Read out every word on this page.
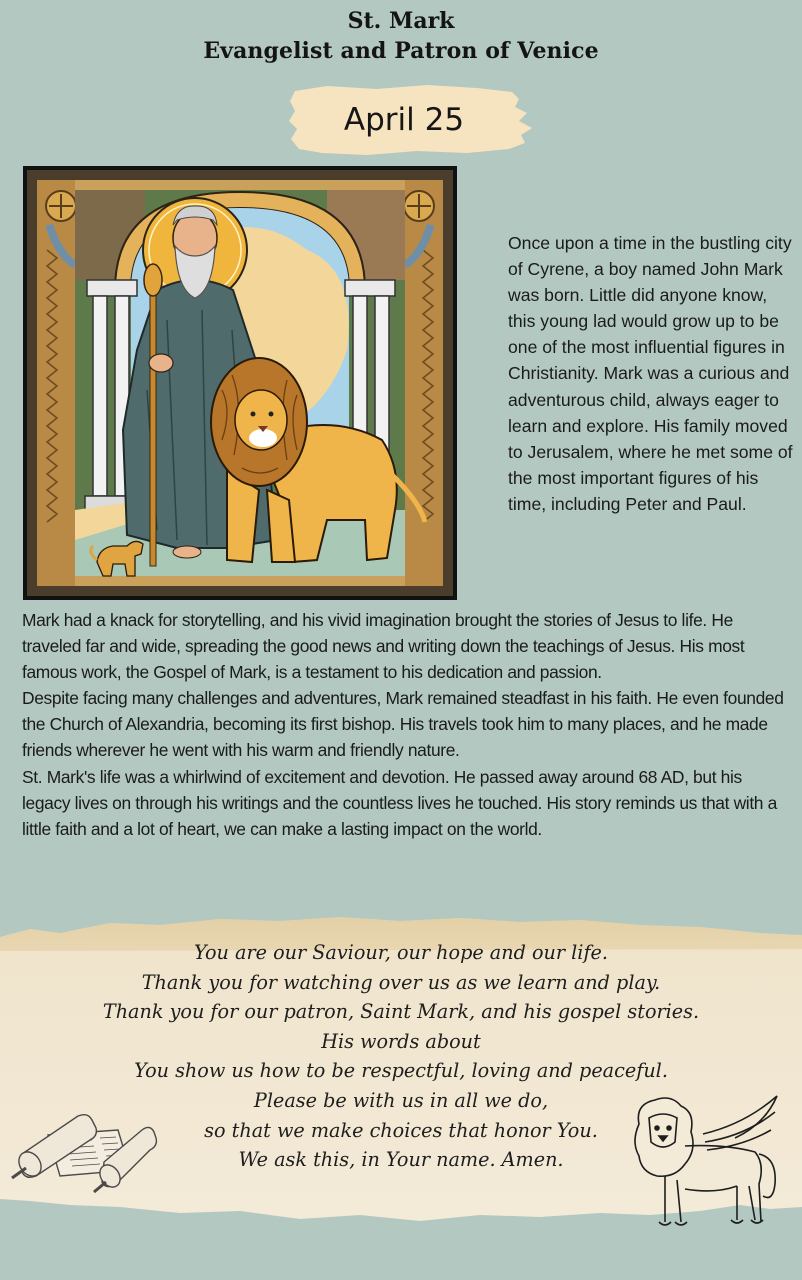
St. Mark
Evangelist and Patron of Venice
April 25
Once upon a time in the bustling city of Cyrene, a boy named John Mark was born. Little did anyone know, this young lad would grow up to be one of the most influential figures in Christianity. Mark was a curious and adventurous child, always eager to learn and explore. His family moved to Jerusalem, where he met some of the most important figures of his time, including Peter and Paul.

Mark had a knack for storytelling, and his vivid imagination brought the stories of Jesus to life. He traveled far and wide, spreading the good news and writing down the teachings of Jesus. His most famous work, the Gospel of Mark, is a testament to his dedication and passion.

Despite facing many challenges and adventures, Mark remained steadfast in his faith. He even founded the Church of Alexandria, becoming its first bishop. His travels took him to many places, and he made friends wherever he went with his warm and friendly nature.

St. Mark's life was a whirlwind of excitement and devotion. He passed away around 68 AD, but his legacy lives on through his writings and the countless lives he touched. His story reminds us that with a little faith and a lot of heart, we can make a lasting impact on the world.

You are our Saviour, our hope and our life.
Thank you for watching over us as we learn and play.
Thank you for our patron, Saint Mark, and his gospel stories.
His words about
You show us how to be respectful, loving and peaceful.
Please be with us in all we do,
so that we make choices that honor You.
We ask this, in Your name. Amen.
